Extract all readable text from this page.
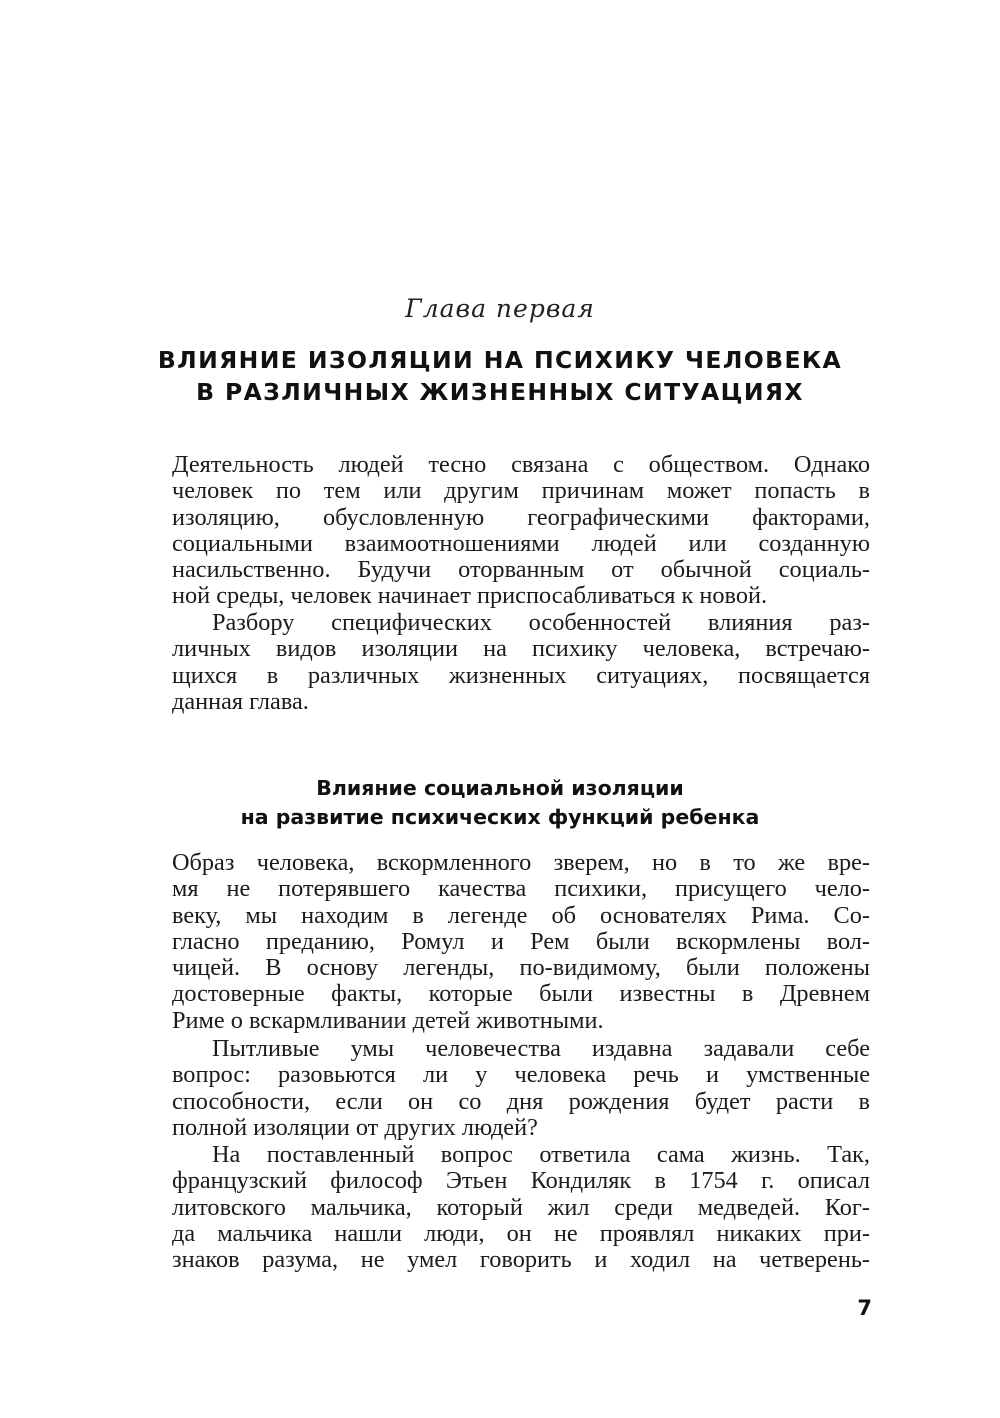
Глава первая
ВЛИЯНИЕ ИЗОЛЯЦИИ НА ПСИХИКУ ЧЕЛОВЕКА
В РАЗЛИЧНЫХ ЖИЗНЕННЫХ СИТУАЦИЯХ
Деятельность людей тесно связана с обществом. Однако
человек по тем или другим причинам может попасть в
изоляцию, обусловленную географическими факторами,
социальными взаимоотношениями людей или созданную
насильственно. Будучи оторванным от обычной социаль-
ной среды, человек начинает приспосабливаться к новой.
Разбору специфических особенностей влияния раз-
личных видов изоляции на психику человека, встречаю-
щихся в различных жизненных ситуациях, посвящается
данная глава.
Влияние социальной изоляции
на развитие психических функций ребенка
Образ человека, вскормленного зверем, но в то же вре-
мя не потерявшего качества психики, присущего чело-
веку, мы находим в легенде об основателях Рима. Со-
гласно преданию, Ромул и Рем были вскормлены вол-
чицей. В основу легенды, по-видимому, были положены
достоверные факты, которые были известны в Древнем
Риме о вскармливании детей животными.
Пытливые умы человечества издавна задавали себе
вопрос: разовьются ли у человека речь и умственные
способности, если он со дня рождения будет расти в
полной изоляции от других людей?
На поставленный вопрос ответила сама жизнь. Так,
французский философ Этьен Кондиляк в 1754 г. описал
литовского мальчика, который жил среди медведей. Ког-
да мальчика нашли люди, он не проявлял никаких при-
знаков разума, не умел говорить и ходил на четверень-
7
